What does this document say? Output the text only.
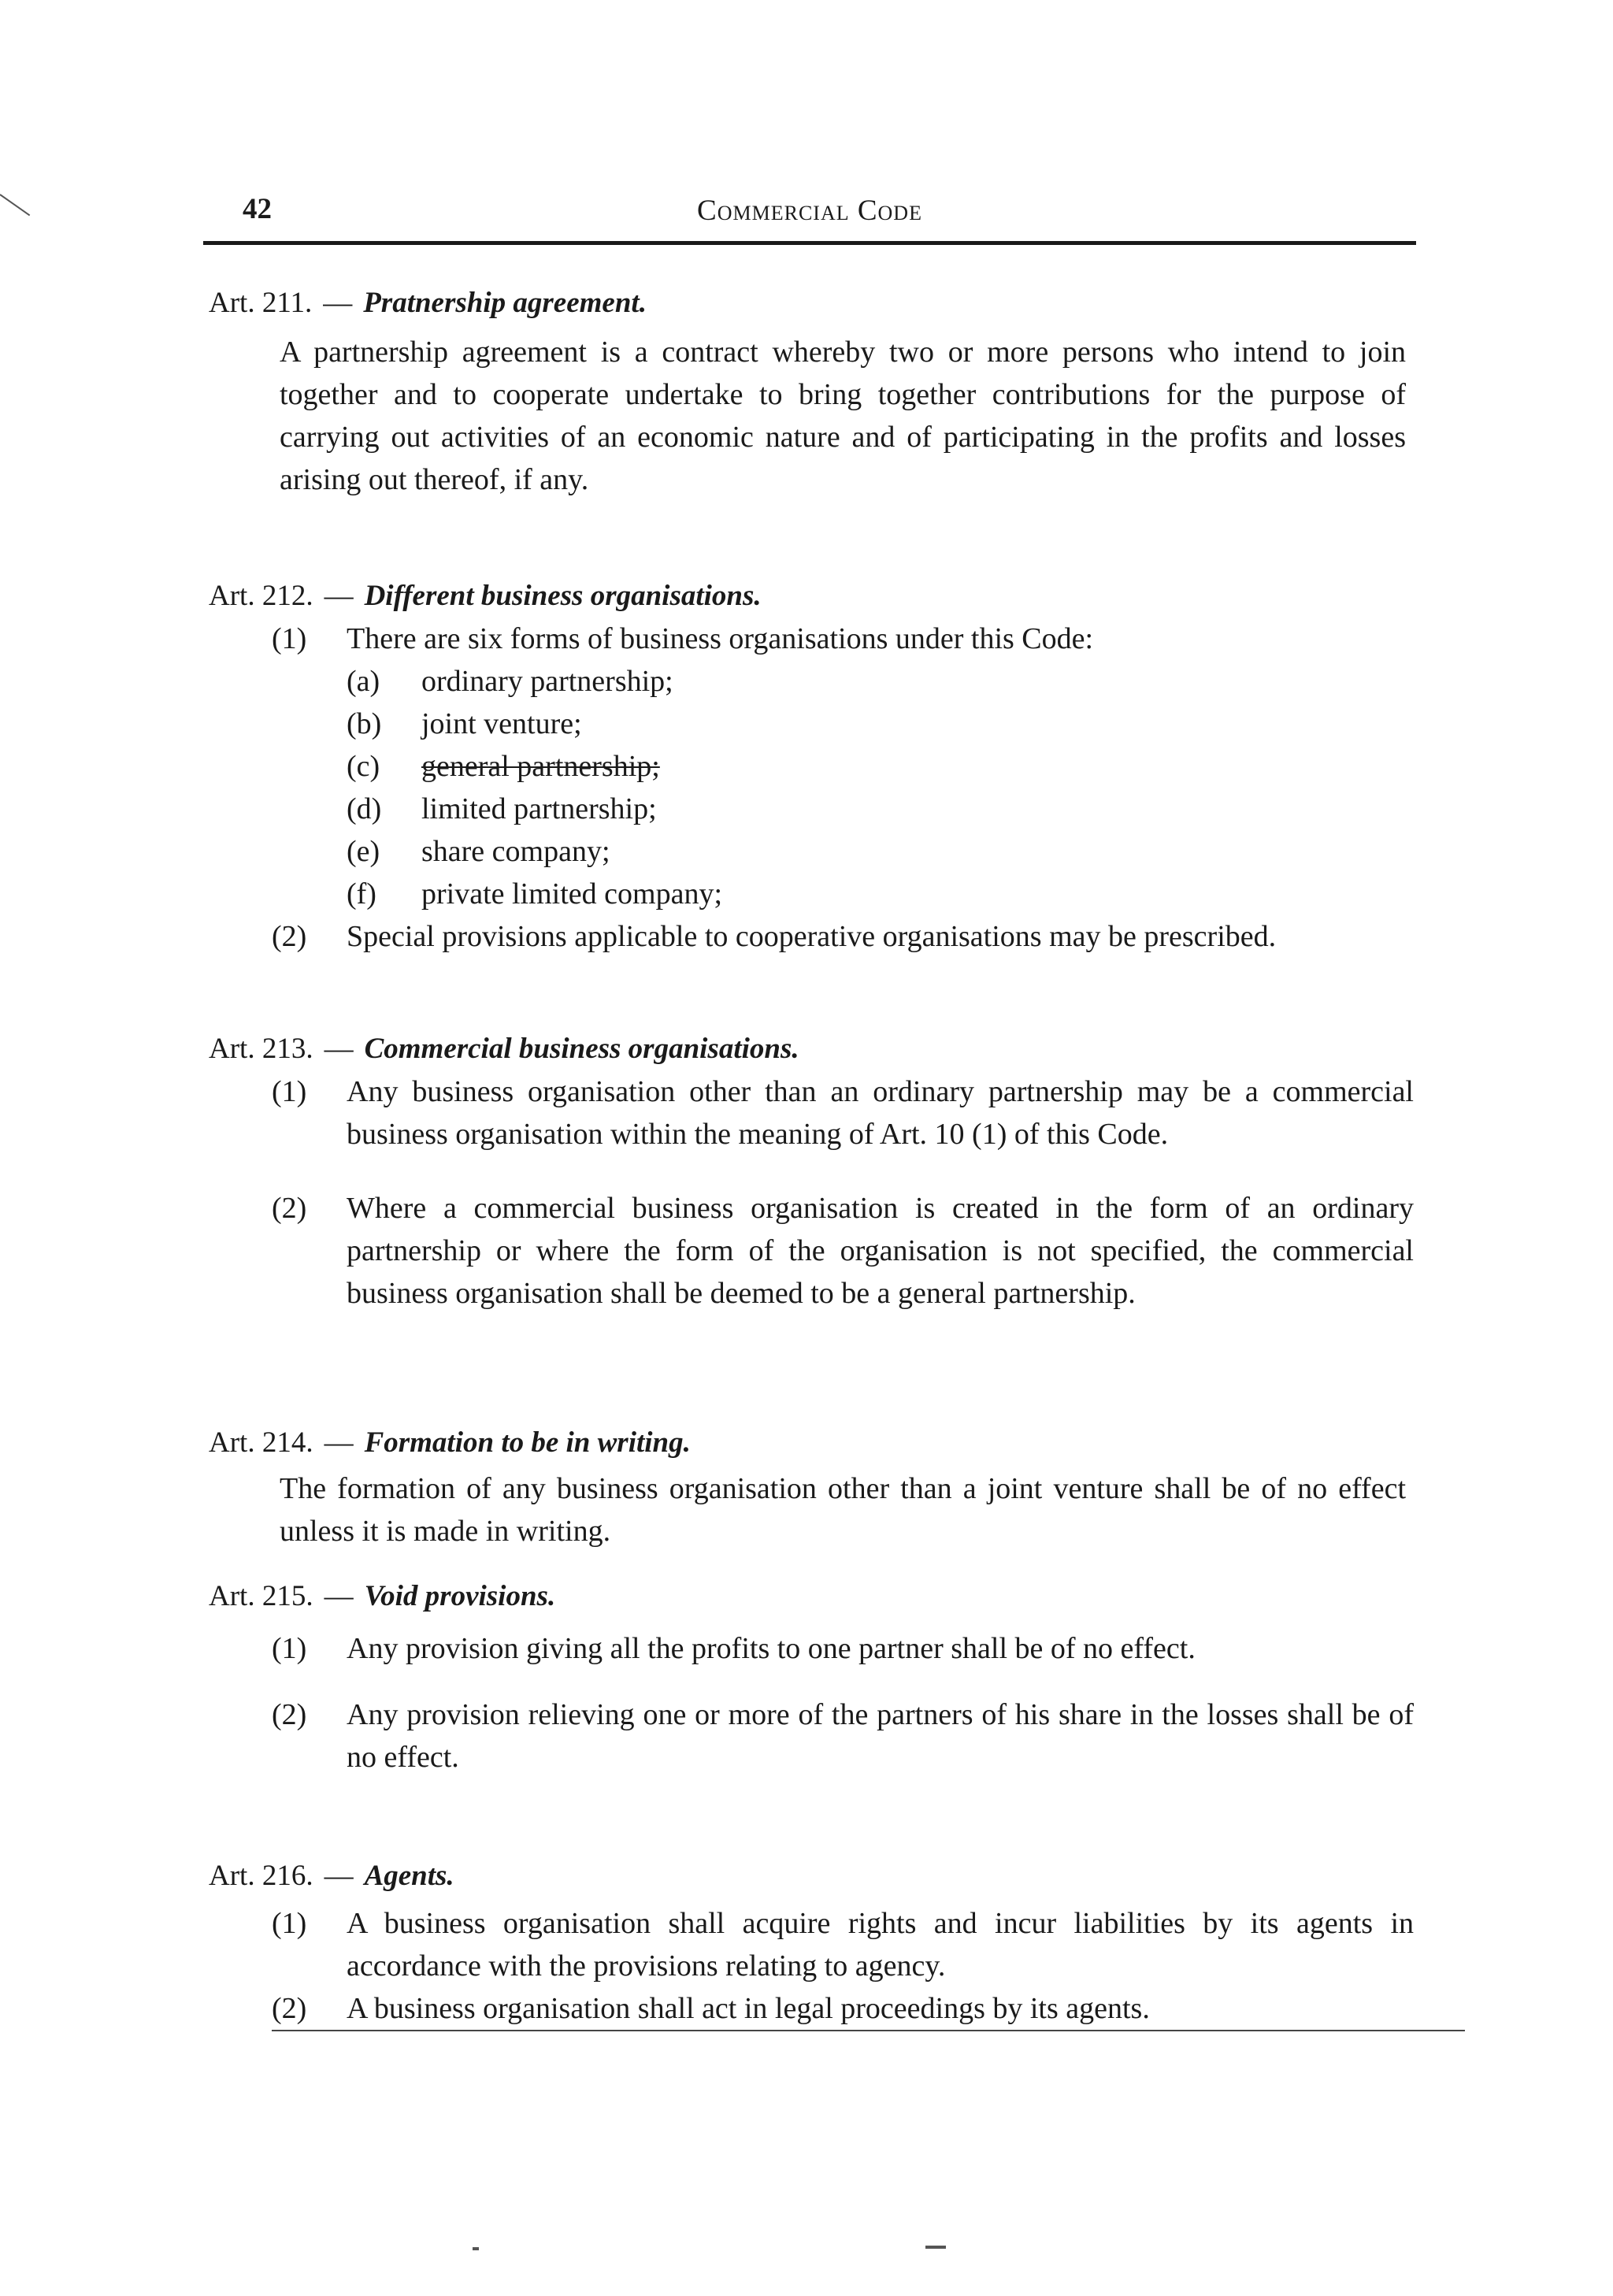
42	Commercial Code
Art. 211. — Pratnership agreement.
A partnership agreement is a contract whereby two or more persons who intend to join together and to cooperate undertake to bring together contributions for the purpose of carrying out activities of an economic nature and of participating in the profits and losses arising out thereof, if any.
Art. 212. — Different business organisations.
(1) There are six forms of business organisations under this Code:
(a) ordinary partnership;
(b) joint venture;
(c) general partnership;
(d) limited partnership;
(e) share company;
(f) private limited company;
(2) Special provisions applicable to cooperative organisations may be prescribed.
Art. 213. — Commercial business organisations.
(1) Any business organisation other than an ordinary partnership may be a commercial business organisation within the meaning of Art. 10 (1) of this Code.
(2) Where a commercial business organisation is created in the form of an ordinary partnership or where the form of the organisation is not specified, the commercial business organisation shall be deemed to be a general partnership.
Art. 214. — Formation to be in writing.
The formation of any business organisation other than a joint venture shall be of no effect unless it is made in writing.
Art. 215. — Void provisions.
(1) Any provision giving all the profits to one partner shall be of no effect.
(2) Any provision relieving one or more of the partners of his share in the losses shall be of no effect.
Art. 216. — Agents.
(1) A business organisation shall acquire rights and incur liabilities by its agents in accordance with the provisions relating to agency.
(2) A business organisation shall act in legal proceedings by its agents.
